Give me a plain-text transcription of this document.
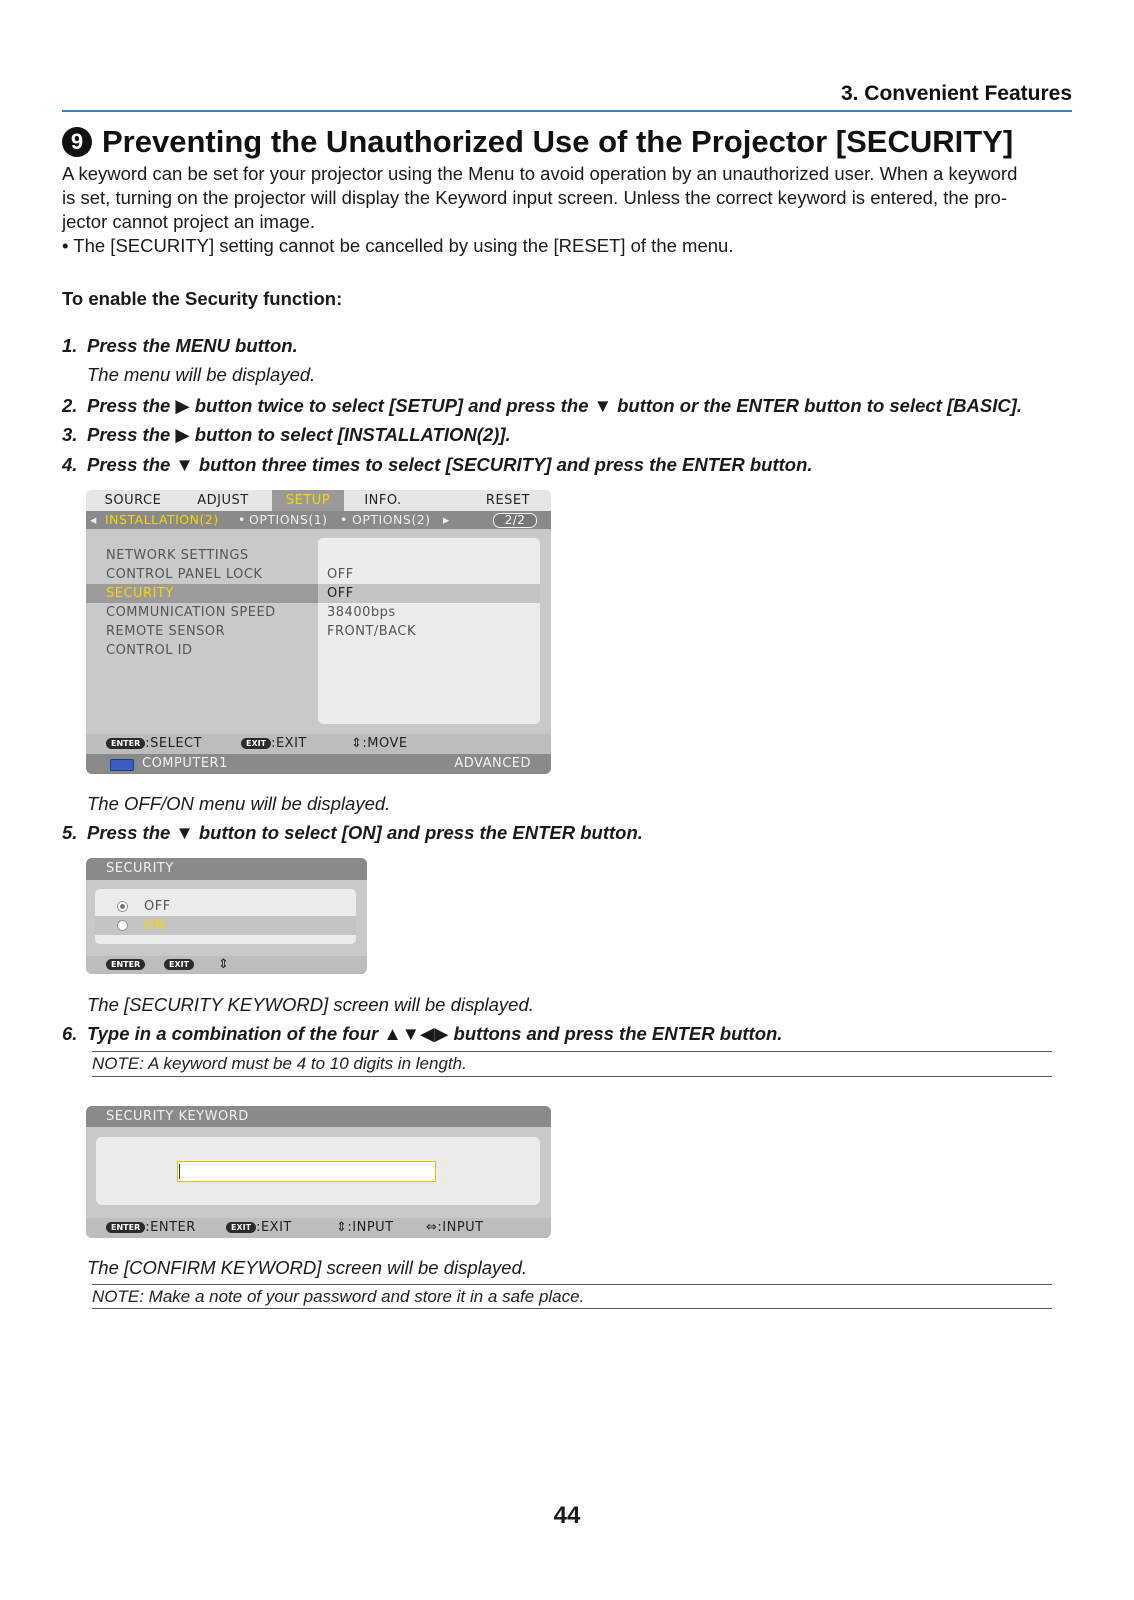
3. Convenient Features
9 Preventing the Unauthorized Use of the Projector [SECURITY]
A keyword can be set for your projector using the Menu to avoid operation by an unauthorized user. When a keyword
is set, turning on the projector will display the Keyword input screen. Unless the correct keyword is entered, the pro-
jector cannot project an image.
• The [SECURITY] setting cannot be cancelled by using the [RESET] of the menu.
To enable the Security function:
1. Press the MENU button.
The menu will be displayed.
2. Press the ▶ button twice to select [SETUP] and press the ▼ button or the ENTER button to select [BASIC].
3. Press the ▶ button to select [INSTALLATION(2)].
4. Press the ▼ button three times to select [SECURITY] and press the ENTER button.
SOURCE	ADJUST	SETUP	INFO.	RESET
◂ INSTALLATION(2) • OPTIONS(1) • OPTIONS(2) ▸	2/2
NETWORK SETTINGS
CONTROL PANEL LOCK	OFF
SECURITY	OFF
COMMUNICATION SPEED	38400bps
REMOTE SENSOR	FRONT/BACK
CONTROL ID
ENTER :SELECT	EXIT :EXIT	⇕:MOVE
COMPUTER1	ADVANCED
The OFF/ON menu will be displayed.
5. Press the ▼ button to select [ON] and press the ENTER button.
SECURITY
OFF
ON
ENTER	EXIT	⇕
The [SECURITY KEYWORD] screen will be displayed.
6. Type in a combination of the four ▲▼◀▶ buttons and press the ENTER button.
NOTE: A keyword must be 4 to 10 digits in length.
SECURITY KEYWORD
ENTER :ENTER	EXIT :EXIT	⇕:INPUT ⇔:INPUT
The [CONFIRM KEYWORD] screen will be displayed.
NOTE: Make a note of your password and store it in a safe place.
44
